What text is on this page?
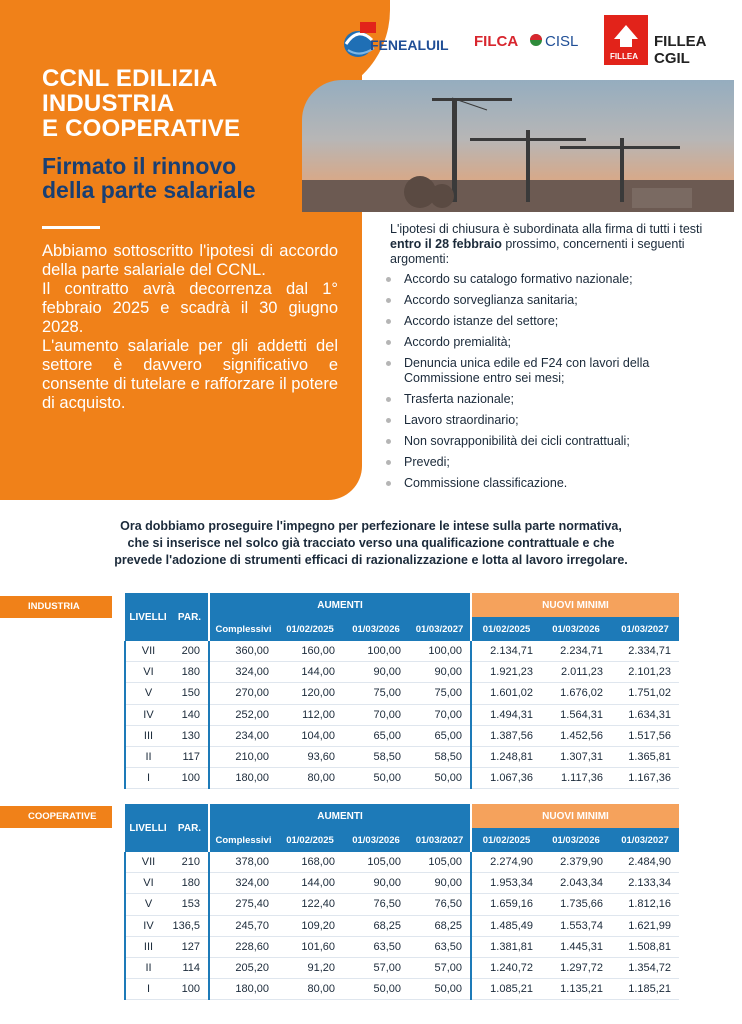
CCNL EDILIZIA
INDUSTRIA
E COOPERATIVE
Firmato il rinnovo
della parte salariale

Abbiamo sottoscritto l'ipotesi di accordo della parte salariale del CCNL.

Il contratto avrà decorrenza dal 1° febbraio 2025 e scadrà il 30 giugno 2028.

L'aumento salariale per gli addetti del settore è davvero significativo e consente di tutelare e rafforzare il potere di acquisto.

FENEALUIL FILCA CISL
FILLEA
FILLEA
CGIL
L'ipotesi di chiusura è subordinata alla firma di tutti i testi entro il 28 febbraio prossimo, concernenti i seguenti argomenti:
Accordo su catalogo formativo nazionale;
Accordo sorveglianza sanitaria;
Accordo istanze del settore;
Accordo premialità;
Denuncia unica edile ed F24 con lavori della Commissione entro sei mesi;
Trasferta nazionale;
Lavoro straordinario;
Non sovrapponibilità dei cicli contrattuali;
Prevedi;
Commissione classificazione.
Ora dobbiamo proseguire l'impegno per perfezionare le intese sulla parte normativa,
che si inserisce nel solco già tracciato verso una qualificazione contrattuale e che
prevede l'adozione di strumenti efficaci di razionalizzazione e lotta al lavoro irregolare.
INDUSTRIA
LIVELLI	PAR.	AUMENTI				NUOVI MINIMI		
		Complessivi	01/02/2025	01/03/2026	01/03/2027	01/02/2025	01/03/2026	01/03/2027
VII	200	360,00	160,00	100,00	100,00	2.134,71	2.234,71	2.334,71
VI	180	324,00	144,00	90,00	90,00	1.921,23	2.011,23	2.101,23
V	150	270,00	120,00	75,00	75,00	1.601,02	1.676,02	1.751,02
IV	140	252,00	112,00	70,00	70,00	1.494,31	1.564,31	1.634,31
III	130	234,00	104,00	65,00	65,00	1.387,56	1.452,56	1.517,56
II	117	210,00	93,60	58,50	58,50	1.248,81	1.307,31	1.365,81
I	100	180,00	80,00	50,00	50,00	1.067,36	1.117,36	1.167,36
COOPERATIVE
LIVELLI	PAR.	AUMENTI				NUOVI MINIMI		
		Complessivi	01/02/2025	01/03/2026	01/03/2027	01/02/2025	01/03/2026	01/03/2027
VII	210	378,00	168,00	105,00	105,00	2.274,90	2.379,90	2.484,90
VI	180	324,00	144,00	90,00	90,00	1.953,34	2.043,34	2.133,34
V	153	275,40	122,40	76,50	76,50	1.659,16	1.735,66	1.812,16
IV	136,5	245,70	109,20	68,25	68,25	1.485,49	1.553,74	1.621,99
III	127	228,60	101,60	63,50	63,50	1.381,81	1.445,31	1.508,81
II	114	205,20	91,20	57,00	57,00	1.240,72	1.297,72	1.354,72
I	100	180,00	80,00	50,00	50,00	1.085,21	1.135,21	1.185,21
